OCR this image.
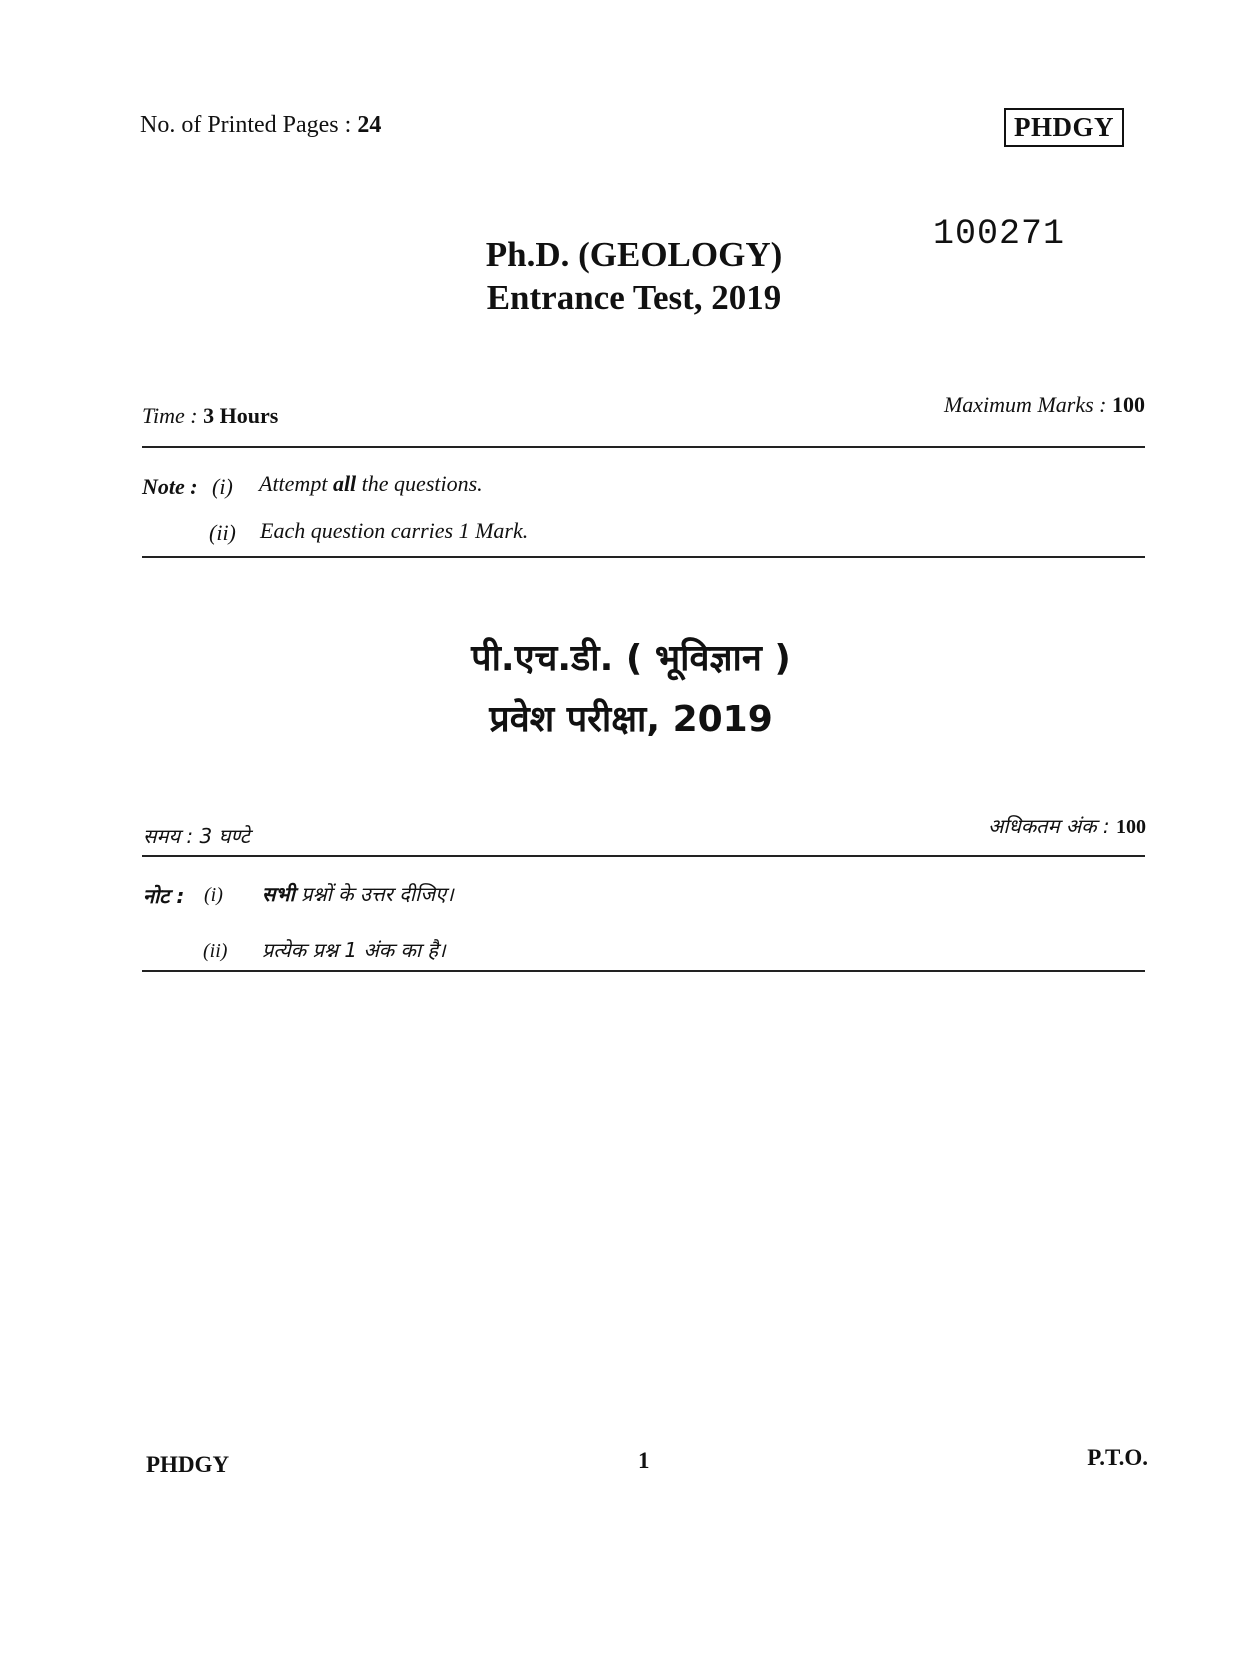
No. of Printed Pages : 24	PHDGY
100271
Ph.D. (GEOLOGY)
Entrance Test, 2019
Time : 3 Hours	Maximum Marks : 100
Note : (i) Attempt all the questions.
(ii) Each question carries 1 Mark.
पी.एच.डी. ( भूविज्ञान )
प्रवेश परीक्षा, 2019
समय : 3 घण्टे	अधिकतम अंक : 100
नोट : (i) सभी प्रश्नों के उत्तर दीजिए।
(ii) प्रत्येक प्रश्न 1 अंक का है।
PHDGY	1	P.T.O.
